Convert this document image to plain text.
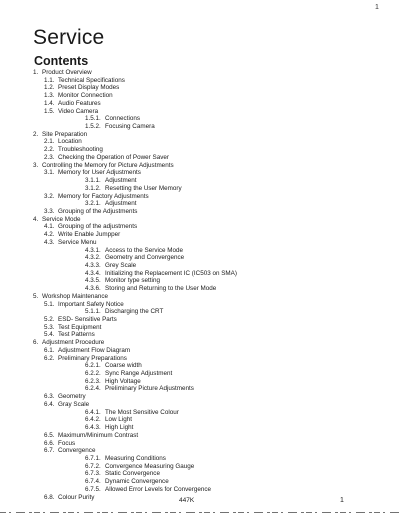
1
Service
Contents
1. Product Overview
1.1. Technical Specifications
1.2. Preset Display Modes
1.3. Monitor Connection
1.4. Audio Features
1.5. Video Camera
1.5.1. Connections
1.5.2. Focusing Camera
2. Site Preparation
2.1. Location
2.2. Troubleshooting
2.3. Checking the Operation of Power Saver
3. Controlling the Memory for Picture Adjustments
3.1. Memory for User Adjustments
3.1.1. Adjustment
3.1.2. Resetting the User Memory
3.2. Memory for Factory Adjustments
3.2.1. Adjustment
3.3. Grouping of the Adjustments
4. Service Mode
4.1. Grouping of the adjustments
4.2. Write Enable Jumpper
4.3. Service Menu
4.3.1. Access to the Service Mode
4.3.2. Geometry and Convergence
4.3.3. Grey Scale
4.3.4. Initializing the Replacement IC (IC503 on SMA)
4.3.5. Monitor type setting
4.3.6. Storing and Returning to the User Mode
5. Workshop Maintenance
5.1. Important Safety Notice
5.1.1. Discharging the CRT
5.2. ESD- Sensitive Parts
5.3. Test Equipment
5.4. Test Patterns
6. Adjustment Procedure
6.1. Adjustment Flow Diagram
6.2. Preliminary Preparations
6.2.1. Coarse width
6.2.2. Sync Range Adjustment
6.2.3. High Voltage
6.2.4. Preliminary Picture Adjustments
6.3. Geometry
6.4. Gray Scale
6.4.1. The Most Sensitive Colour
6.4.2. Low Light
6.4.3. High Light
6.5. Maximum/Minimum Contrast
6.6. Focus
6.7. Convergence
6.7.1. Measuring Conditions
6.7.2. Convergence Measuring Gauge
6.7.3. Static Convergence
6.7.4. Dynamic Convergence
6.7.5. Allowed Error Levels for Convergence
6.8. Colour Purity	447K	1
